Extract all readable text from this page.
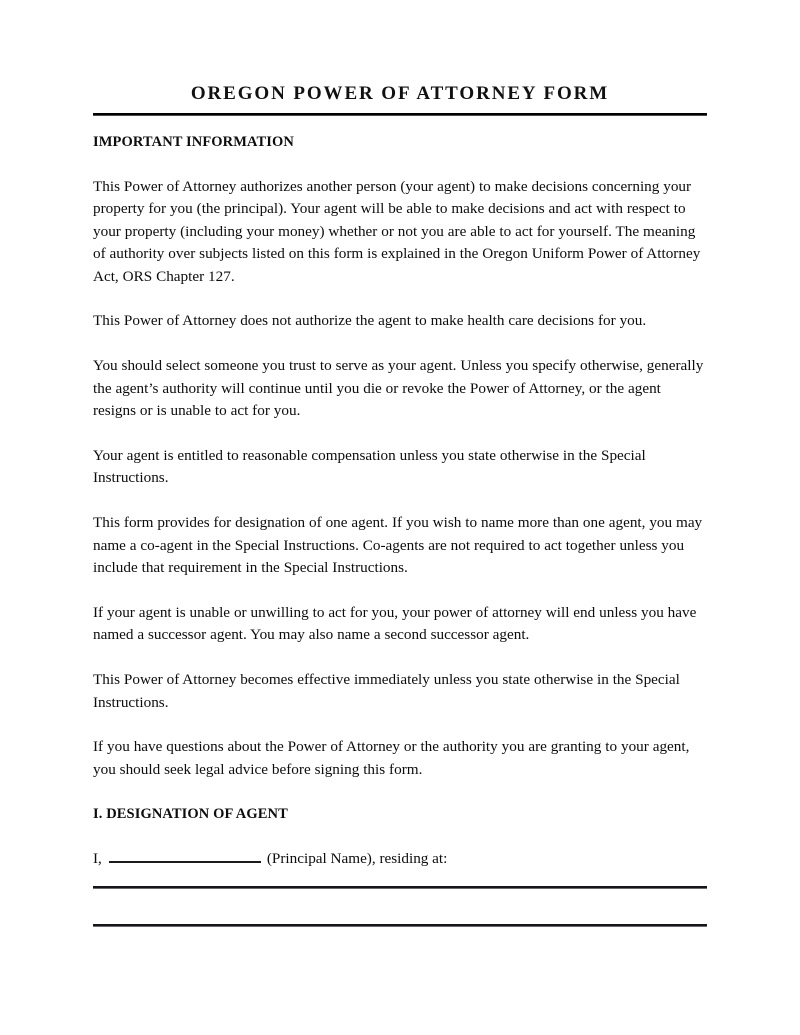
OREGON POWER OF ATTORNEY FORM
IMPORTANT INFORMATION

This Power of Attorney authorizes another person (your agent) to make decisions concerning your property for you (the principal). Your agent will be able to make decisions and act with respect to your property (including your money) whether or not you are able to act for yourself. The meaning of authority over subjects listed on this form is explained in the Oregon Uniform Power of Attorney Act, ORS Chapter 127.

This Power of Attorney does not authorize the agent to make health care decisions for you.

You should select someone you trust to serve as your agent. Unless you specify otherwise, generally the agent’s authority will continue until you die or revoke the Power of Attorney, or the agent resigns or is unable to act for you.

Your agent is entitled to reasonable compensation unless you state otherwise in the Special Instructions.

This form provides for designation of one agent. If you wish to name more than one agent, you may name a co-agent in the Special Instructions. Co-agents are not required to act together unless you include that requirement in the Special Instructions.

If your agent is unable or unwilling to act for you, your power of attorney will end unless you have named a successor agent. You may also name a second successor agent.

This Power of Attorney becomes effective immediately unless you state otherwise in the Special Instructions.

If you have questions about the Power of Attorney or the authority you are granting to your agent, you should seek legal advice before signing this form.

I. DESIGNATION OF AGENT
I,	(Principal Name), residing at:
